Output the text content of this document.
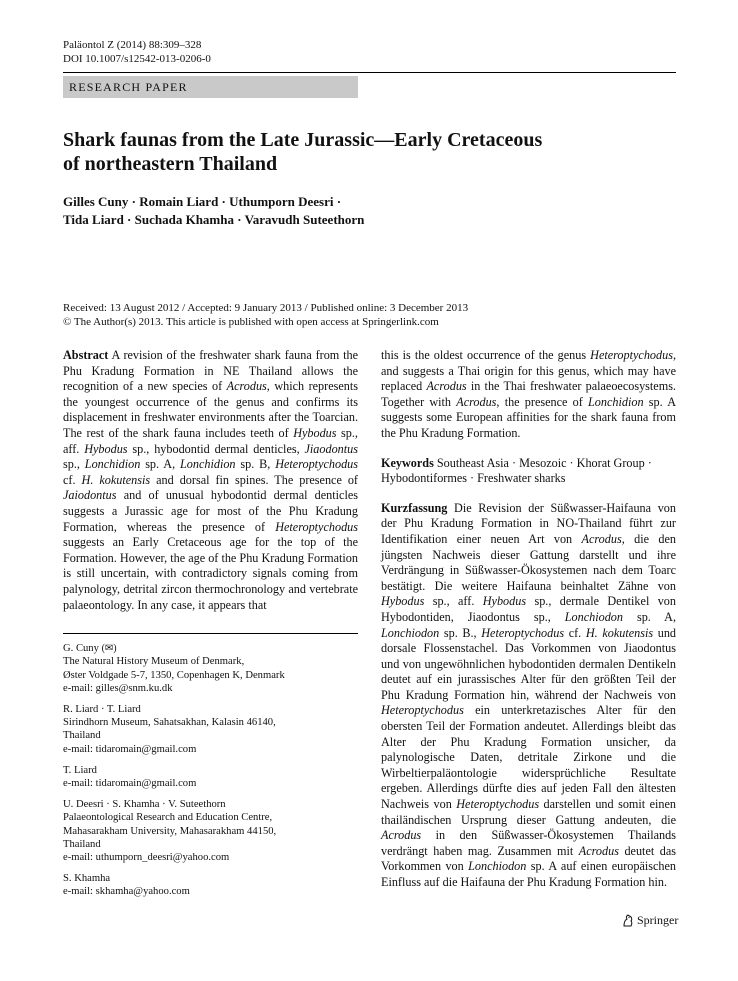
Paläontol Z (2014) 88:309–328
DOI 10.1007/s12542-013-0206-0
RESEARCH PAPER
Shark faunas from the Late Jurassic—Early Cretaceous
of northeastern Thailand
Gilles Cuny · Romain Liard · Uthumporn Deesri ·
Tida Liard · Suchada Khamha · Varavudh Suteethorn
Received: 13 August 2012 / Accepted: 9 January 2013 / Published online: 3 December 2013
© The Author(s) 2013. This article is published with open access at Springerlink.com

Abstract A revision of the freshwater shark fauna from the Phu Kradung Formation in NE Thailand allows the recognition of a new species of Acrodus, which represents the youngest occurrence of the genus and confirms its displacement in freshwater environments after the Toarcian. The rest of the shark fauna includes teeth of Hybodus sp., aff. Hybodus sp., hybodontid dermal denticles, Jiaodontus sp., Lonchidion sp. A, Lonchidion sp. B, Heteroptychodus cf. H. kokutensis and dorsal fin spines. The presence of Jaiodontus and of unusual hybodontid dermal denticles suggests a Jurassic age for most of the Phu Kradung Formation, whereas the presence of Heteroptychodus suggests an Early Cretaceous age for the top of the Formation. However, the age of the Phu Kradung Formation is still uncertain, with contradictory signals coming from palynology, detrital zircon thermochronology and vertebrate palaeontology. In any case, it appears that

G. Cuny (✉)
The Natural History Museum of Denmark,
Øster Voldgade 5-7, 1350, Copenhagen K, Denmark
e-mail: gilles@snm.ku.dk

R. Liard · T. Liard
Sirindhorn Museum, Sahatsakhan, Kalasin 46140,
Thailand
e-mail: tidaromain@gmail.com

T. Liard
e-mail: tidaromain@gmail.com

U. Deesri · S. Khamha · V. Suteethorn
Palaeontological Research and Education Centre,
Mahasarakham University, Mahasarakham 44150,
Thailand
e-mail: uthumporn_deesri@yahoo.com

S. Khamha
e-mail: skhamha@yahoo.com

this is the oldest occurrence of the genus Heteroptychodus, and suggests a Thai origin for this genus, which may have replaced Acrodus in the Thai freshwater palaeoecosystems. Together with Acrodus, the presence of Lonchidion sp. A suggests some European affinities for the shark fauna from the Phu Kradung Formation.

Keywords Southeast Asia · Mesozoic · Khorat Group · Hybodontiformes · Freshwater sharks

Kurzfassung Die Revision der Süßwasser-Haifauna von der Phu Kradung Formation in NO-Thailand führt zur Identifikation einer neuen Art von Acrodus, die den jüngsten Nachweis dieser Gattung darstellt und ihre Verdrängung in Süßwasser-Ökosystemen nach dem Toarc bestätigt. Die weitere Haifauna beinhaltet Zähne von Hybodus sp., aff. Hybodus sp., dermale Dentikel von Hybodontiden, Jiaodontus sp., Lonchiodon sp. A, Lonchiodon sp. B., Heteroptychodus cf. H. kokutensis und dorsale Flossenstachel. Das Vorkommen von Jiaodontus und von ungewöhnlichen hybodontiden dermalen Dentikeln deutet auf ein jurassisches Alter für den größten Teil der Phu Kradung Formation hin, während der Nachweis von Heteroptychodus ein unterkretazisches Alter für den obersten Teil der Formation andeutet. Allerdings bleibt das Alter der Phu Kradung Formation unsicher, da palynologische Daten, detritale Zirkone und die Wirbeltierpaläontologie widersprüchliche Resultate ergeben. Allerdings dürfte dies auf jeden Fall den ältesten Nachweis von Heteroptychodus darstellen und somit einen thailändischen Ursprung dieser Gattung andeuten, die Acrodus in den Süßwasser-Ökosystemen Thailands verdrängt haben mag. Zusammen mit Acrodus deutet das Vorkommen von Lonchiodon sp. A auf einen europäischen Einfluss auf die Haifauna der Phu Kradung Formation hin.

Springer
